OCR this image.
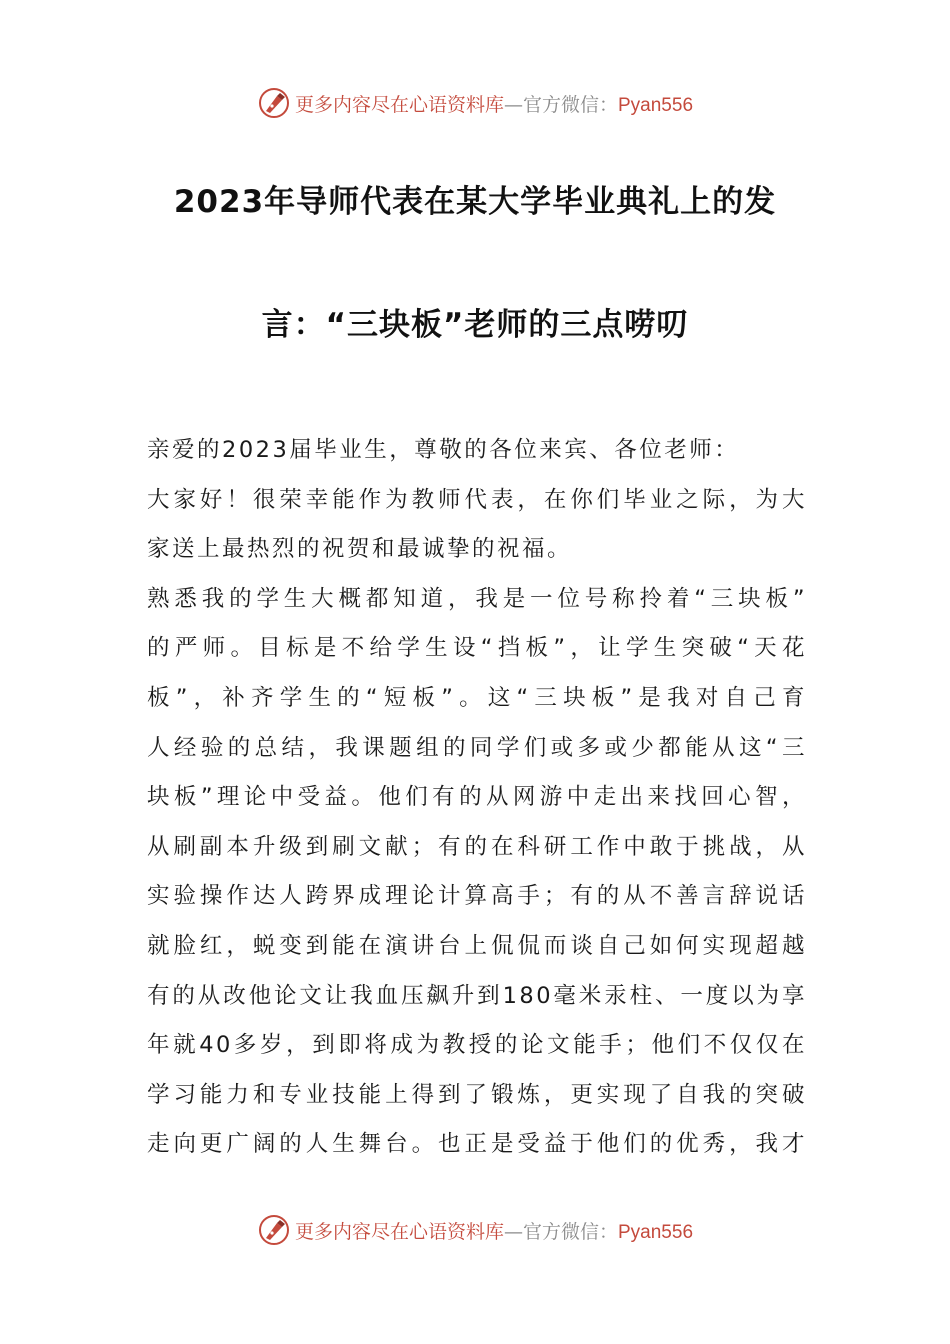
更多内容尽在心语资料库—官方微信：Pyan556
2023年导师代表在某大学毕业典礼上的发
言：“三块板”老师的三点唠叨
亲爱的2023届毕业生，尊敬的各位来宾、各位老师：
大家好！很荣幸能作为教师代表，在你们毕业之际，为大
家送上最热烈的祝贺和最诚挚的祝福。
熟悉我的学生大概都知道，我是一位号称拎着“三块板”
的严师。目标是不给学生设“挡板”，让学生突破“天花
板”，补齐学生的“短板”。这“三块板”是我对自己育
人经验的总结，我课题组的同学们或多或少都能从这“三
块板”理论中受益。他们有的从网游中走出来找回心智，
从刷副本升级到刷文献；有的在科研工作中敢于挑战，从
实验操作达人跨界成理论计算高手；有的从不善言辞说话
就脸红，蜕变到能在演讲台上侃侃而谈自己如何实现超越
有的从改他论文让我血压飙升到180毫米汞柱、一度以为享
年就40多岁，到即将成为教授的论文能手；他们不仅仅在
学习能力和专业技能上得到了锻炼，更实现了自我的突破
走向更广阔的人生舞台。也正是受益于他们的优秀，我才
更多内容尽在心语资料库—官方微信：Pyan556
